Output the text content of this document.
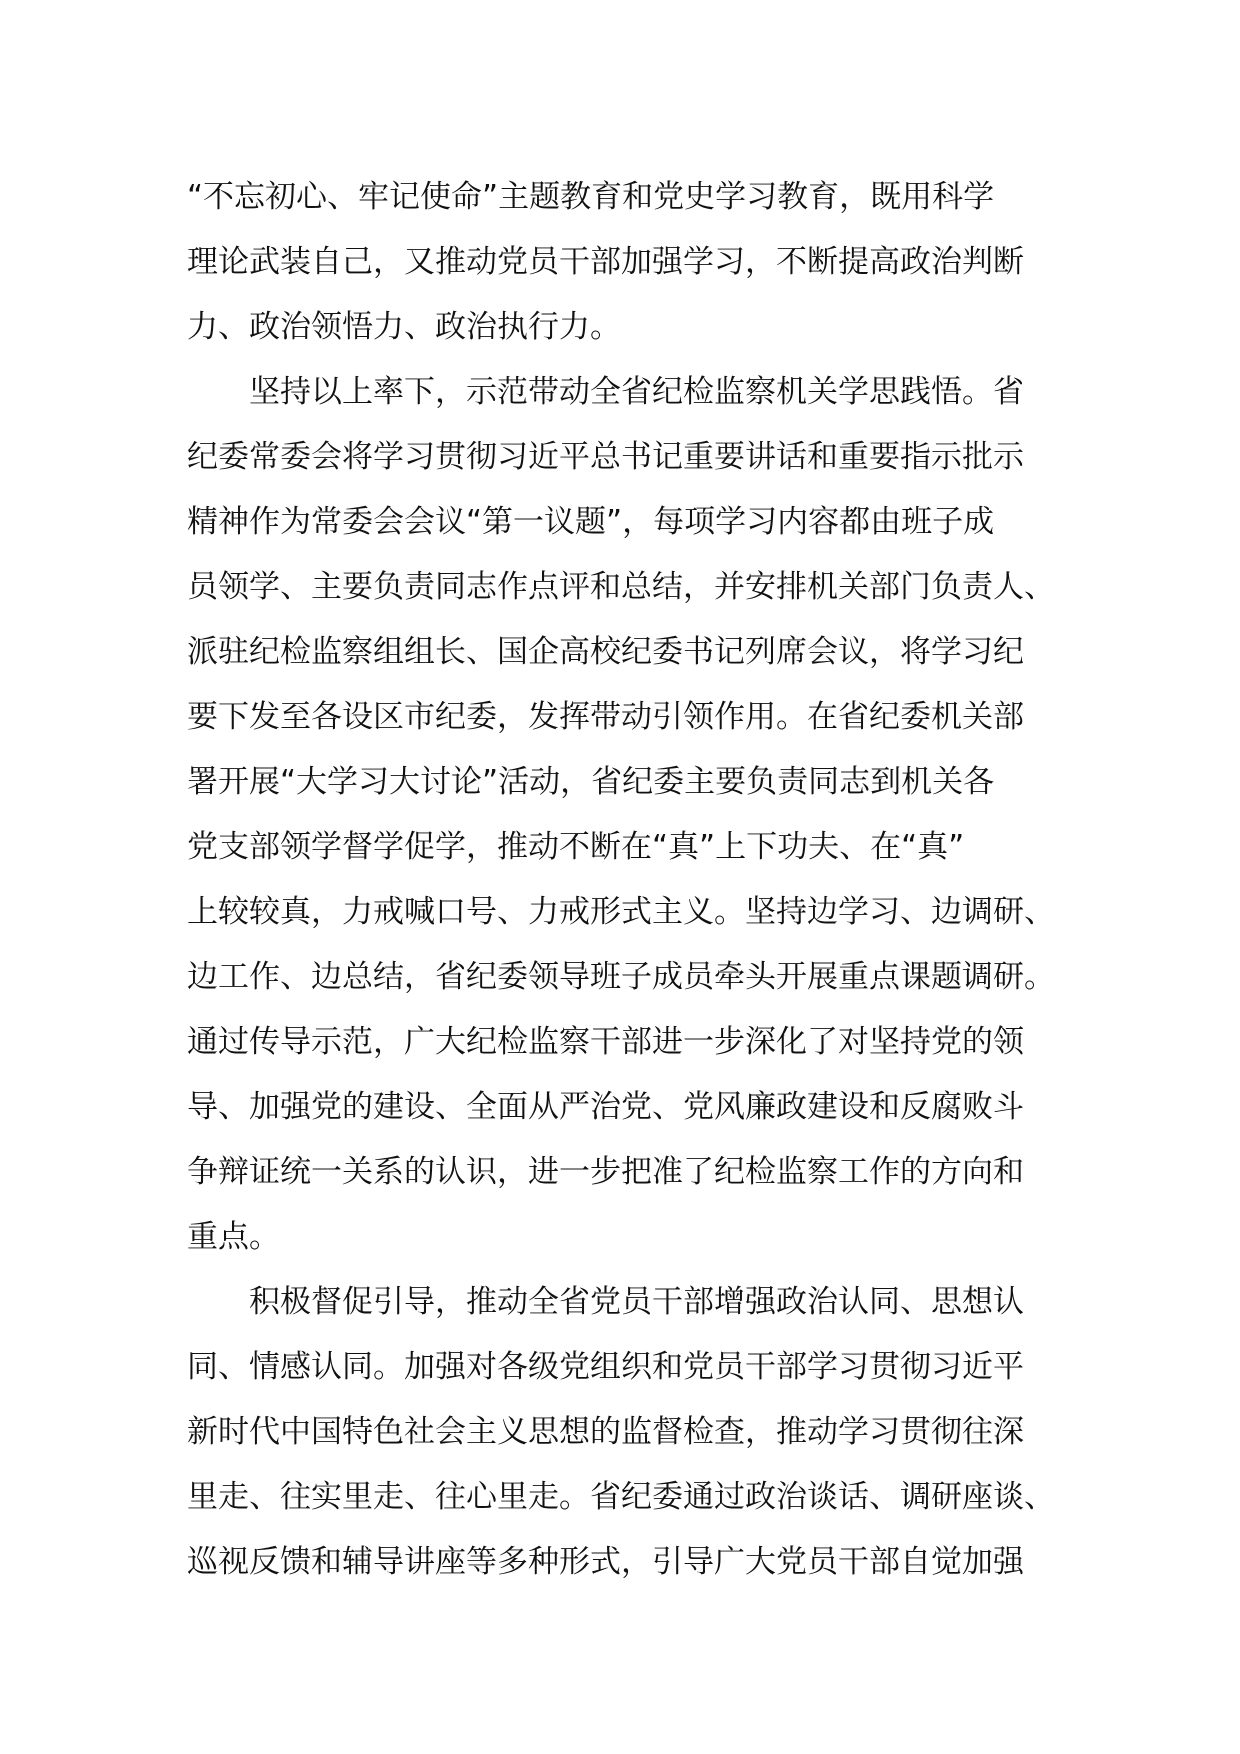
“不忘初心、牢记使命”主题教育和党史学习教育，既用科学
理论武装自己，又推动党员干部加强学习，不断提高政治判断
力、政治领悟力、政治执行力。
坚持以上率下，示范带动全省纪检监察机关学思践悟。省
纪委常委会将学习贯彻习近平总书记重要讲话和重要指示批示
精神作为常委会会议“第一议题”，每项学习内容都由班子成
员领学、主要负责同志作点评和总结，并安排机关部门负责人、
派驻纪检监察组组长、国企高校纪委书记列席会议，将学习纪
要下发至各设区市纪委，发挥带动引领作用。在省纪委机关部
署开展“大学习大讨论”活动，省纪委主要负责同志到机关各
党支部领学督学促学，推动不断在“真”上下功夫、在“真”
上较较真，力戒喊口号、力戒形式主义。坚持边学习、边调研、
边工作、边总结，省纪委领导班子成员牵头开展重点课题调研。
通过传导示范，广大纪检监察干部进一步深化了对坚持党的领
导、加强党的建设、全面从严治党、党风廉政建设和反腐败斗
争辩证统一关系的认识，进一步把准了纪检监察工作的方向和
重点。
积极督促引导，推动全省党员干部增强政治认同、思想认
同、情感认同。加强对各级党组织和党员干部学习贯彻习近平
新时代中国特色社会主义思想的监督检查，推动学习贯彻往深
里走、往实里走、往心里走。省纪委通过政治谈话、调研座谈、
巡视反馈和辅导讲座等多种形式，引导广大党员干部自觉加强
